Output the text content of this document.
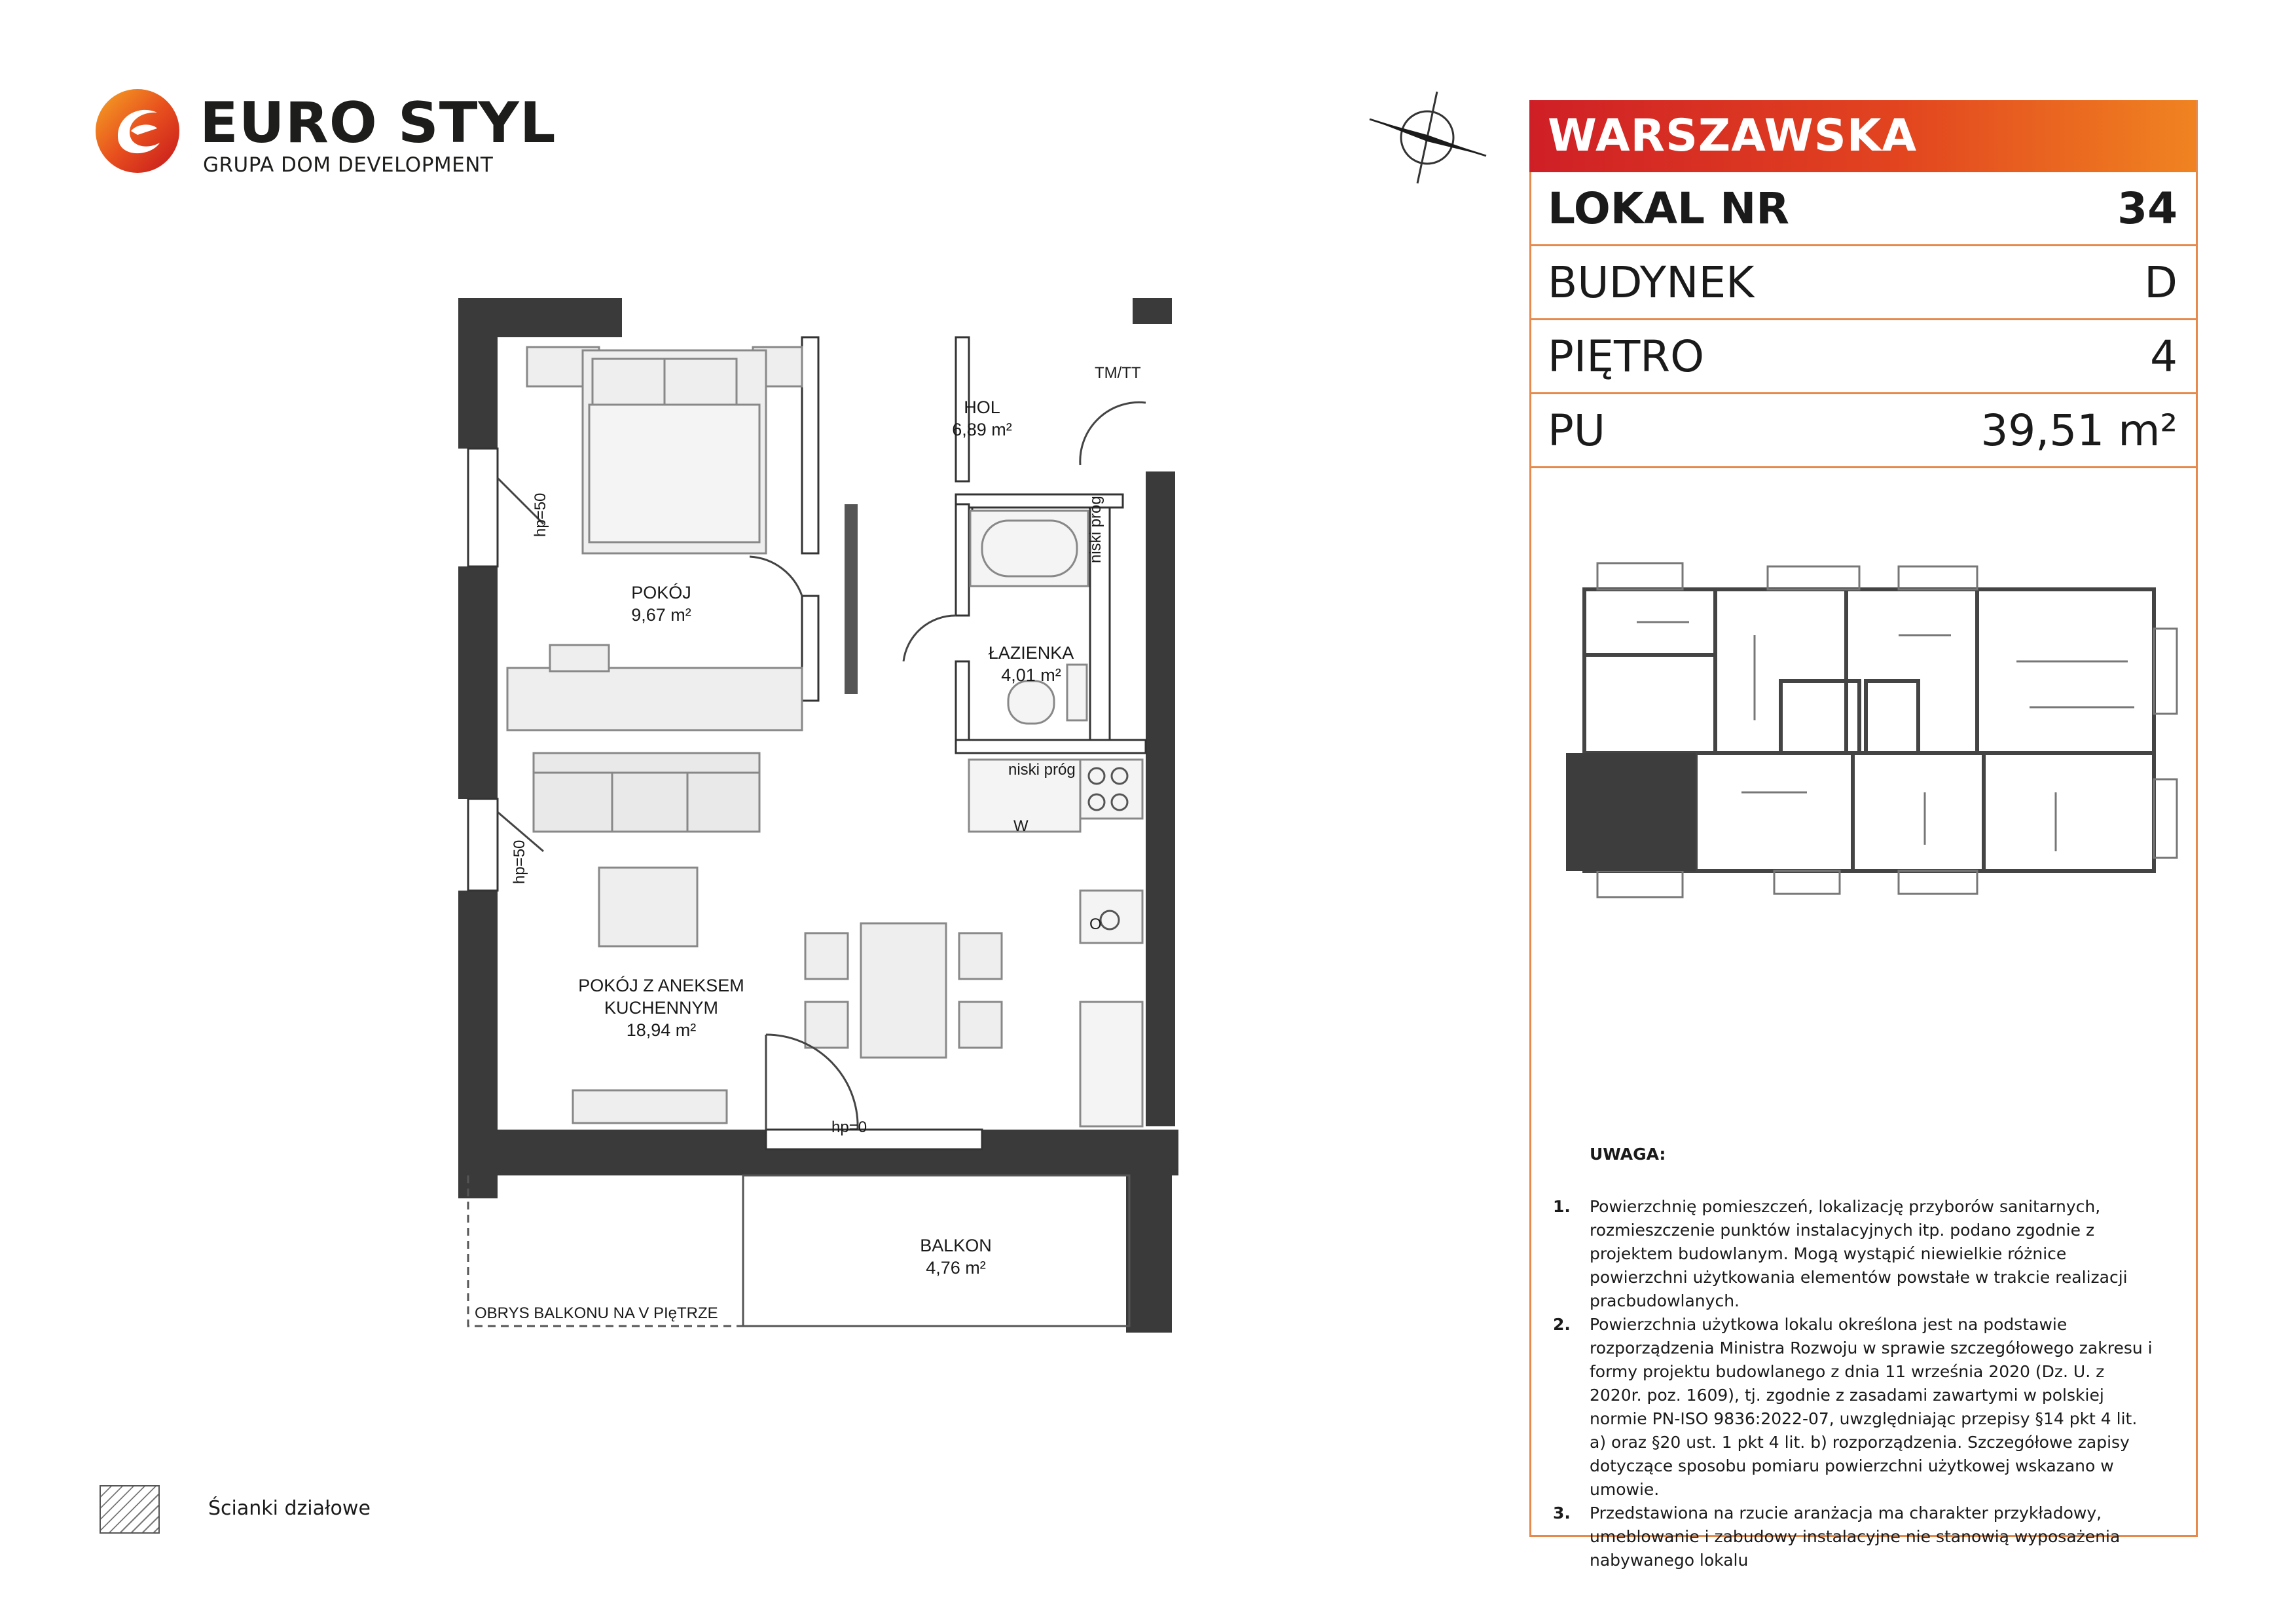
EURO STYL
GRUPA DOM DEVELOPMENT
WARSZAWSKA
LOKAL NR	34
BUDYNEK	D
PIĘTRO	4
PU	39,51 m²
HOL
6,89 m²
POKÓJ
9,67 m²
ŁAZIENKA
4,01 m²
POKÓJ Z ANEKSEM
KUCHENNYM
18,94 m²
BALKON
4,76 m²
TM/TT
niski próg
niski próg
W
O
hp=50
hp=50
hp=0
OBRYS BALKONU NA V PIęTRZE
UWAGA:
1.	Powierzchnię pomieszczeń, lokalizację przyborów sanitarnych, rozmieszczenie punktów instalacyjnych itp. podano zgodnie z projektem budowlanym. Mogą wystąpić niewielkie różnice powierzchni użytkowania elementów powstałe w trakcie realizacji pracbudowlanych.
2.	Powierzchnia użytkowa lokalu określona jest na podstawie rozporządzenia Ministra Rozwoju w sprawie szczegółowego zakresu i formy projektu budowlanego z dnia 11 września 2020 (Dz. U. z 2020r. poz. 1609), tj. zgodnie z zasadami zawartymi w polskiej normie PN-ISO 9836:2022-07, uwzględniając przepisy §14 pkt 4 lit. a) oraz §20 ust. 1 pkt 4 lit. b) rozporządzenia. Szczegółowe zapisy dotyczące sposobu pomiaru powierzchni użytkowej wskazano w umowie.
3.	Przedstawiona na rzucie aranżacja ma charakter przykładowy, umeblowanie i zabudowy instalacyjne nie stanowią wyposażenia nabywanego lokalu
Ścianki działowe
